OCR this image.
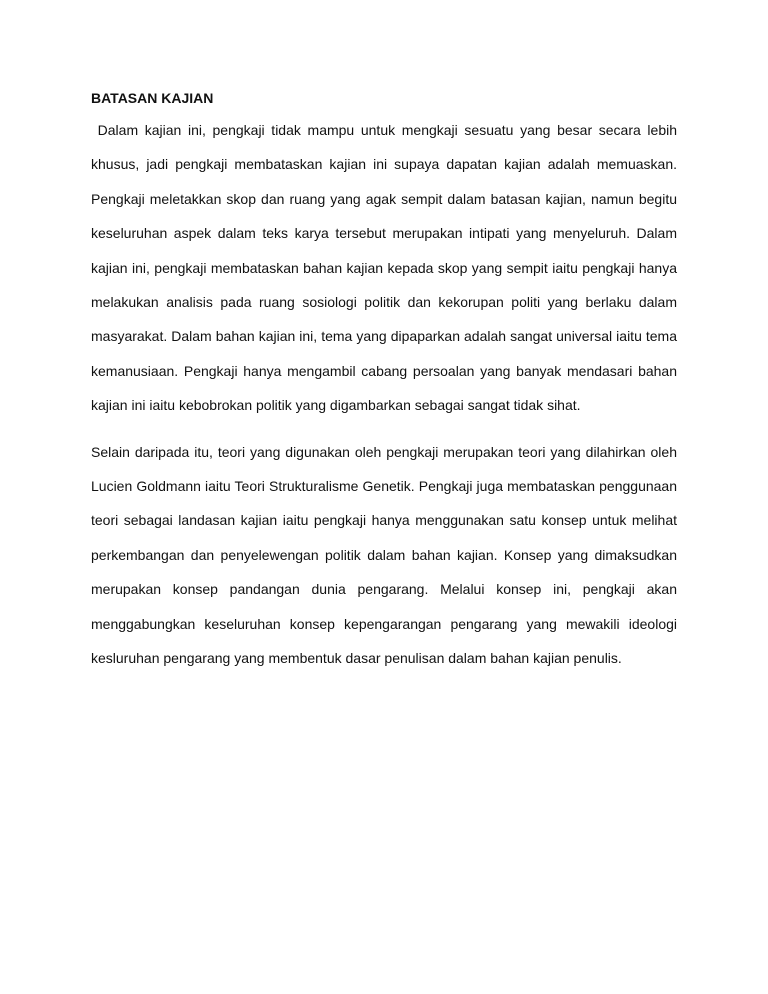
BATASAN KAJIAN

Dalam kajian ini, pengkaji tidak mampu untuk mengkaji sesuatu yang besar secara lebih khusus, jadi pengkaji membataskan kajian ini supaya dapatan kajian adalah memuaskan. Pengkaji meletakkan skop dan ruang yang agak sempit dalam batasan kajian, namun begitu keseluruhan aspek dalam teks karya tersebut merupakan intipati yang menyeluruh. Dalam kajian ini, pengkaji membataskan bahan kajian kepada skop yang sempit iaitu pengkaji hanya melakukan analisis pada ruang sosiologi politik dan kekorupan politi yang berlaku dalam masyarakat. Dalam bahan kajian ini, tema yang dipaparkan adalah sangat universal iaitu tema kemanusiaan. Pengkaji hanya mengambil cabang persoalan yang banyak mendasari bahan kajian ini iaitu kebobrokan politik yang digambarkan sebagai sangat tidak sihat.

Selain daripada itu, teori yang digunakan oleh pengkaji merupakan teori yang dilahirkan oleh Lucien Goldmann iaitu Teori Strukturalisme Genetik. Pengkaji juga membataskan penggunaan teori sebagai landasan kajian iaitu pengkaji hanya menggunakan satu konsep untuk melihat perkembangan dan penyelewengan politik dalam bahan kajian. Konsep yang dimaksudkan merupakan konsep pandangan dunia pengarang. Melalui konsep ini, pengkaji akan menggabungkan keseluruhan konsep kepengarangan pengarang yang mewakili ideologi kesluruhan pengarang yang membentuk dasar penulisan dalam bahan kajian penulis.
